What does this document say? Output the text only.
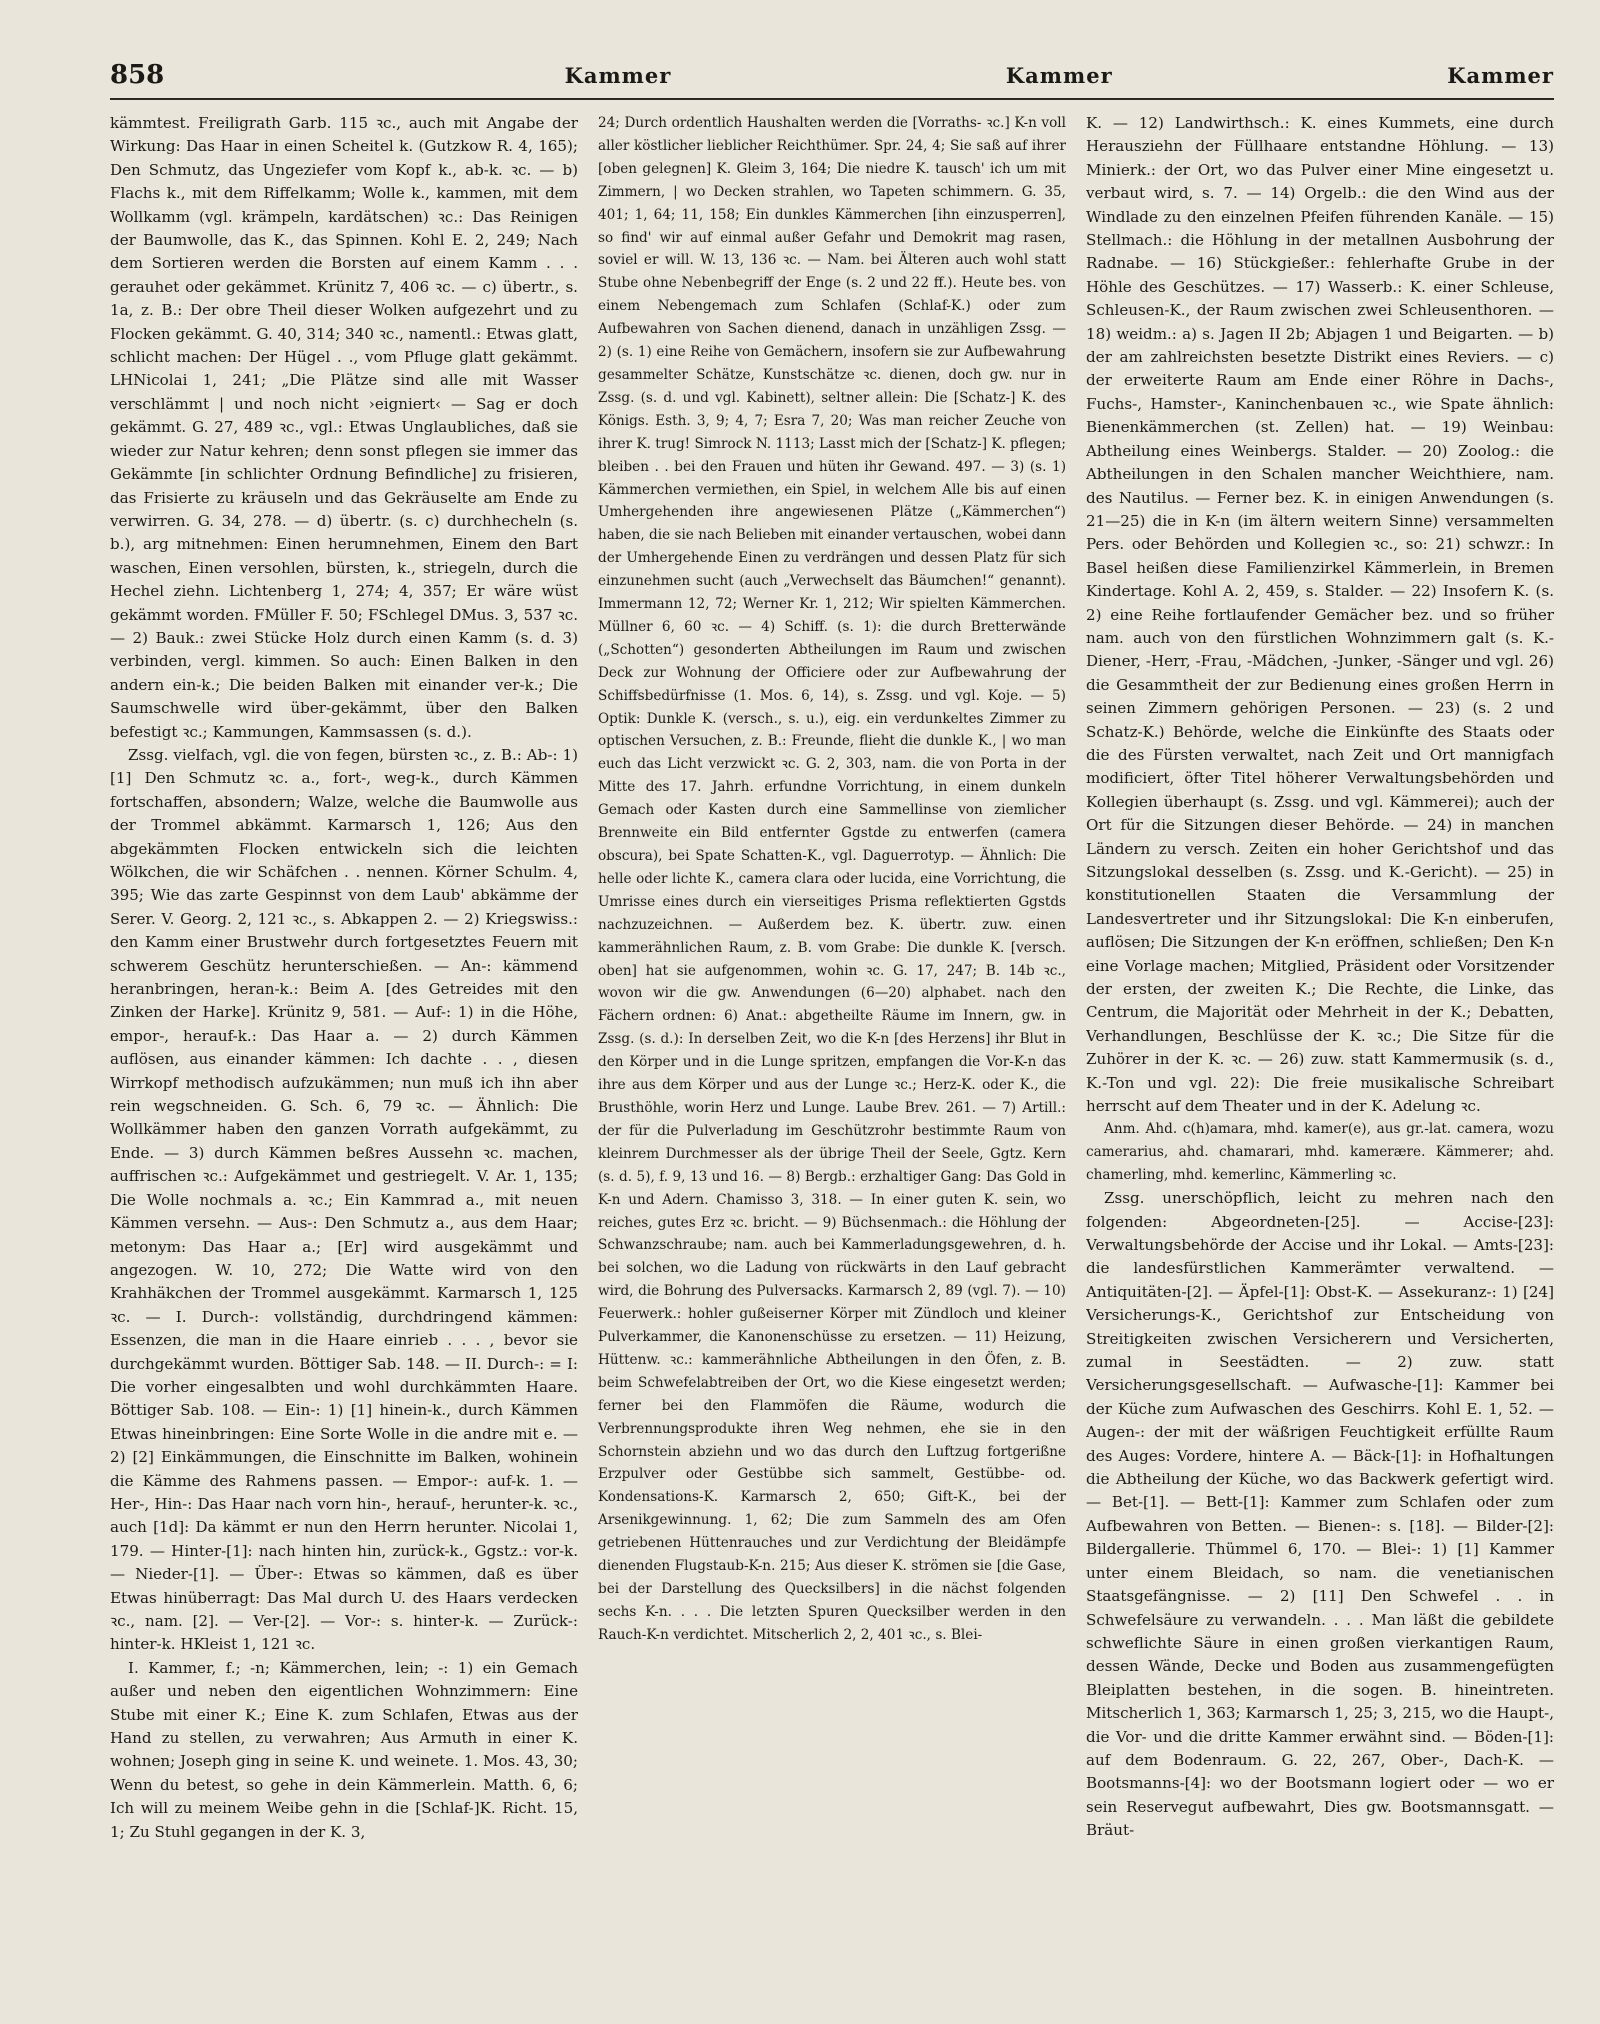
858	Kammer	Kammer	Kammer

kämmtest. Freiligrath Garb. 115 ꝛc., auch mit Angabe der Wirkung: Das Haar in einen Scheitel k. (Gutzkow R. 4, 165); Den Schmutz, das Ungeziefer vom Kopf k., ab-k. ꝛc. — b) Flachs k., mit dem Riffelkamm; Wolle k., kammen, mit dem Wollkamm (vgl. krämpeln, kardätschen) ꝛc.: Das Reinigen der Baumwolle, das K., das Spinnen. Kohl E. 2, 249; Nach dem Sortieren werden die Borsten auf einem Kamm . . . gerauhet oder gekämmet. Krünitz 7, 406 ꝛc. — c) übertr., s. 1a, z. B.: Der obre Theil dieser Wolken aufgezehrt und zu Flocken gekämmt. G. 40, 314; 340 ꝛc., namentl.: Etwas glatt, schlicht machen: Der Hügel . ., vom Pfluge glatt gekämmt. LHNicolai 1, 241; „Die Plätze sind alle mit Wasser verschlämmt | und noch nicht ›eigniert‹ — Sag er doch gekämmt. G. 27, 489 ꝛc., vgl.: Etwas Unglaubliches, daß sie wieder zur Natur kehren; denn sonst pflegen sie immer das Gekämmte [in schlichter Ordnung Befindliche] zu frisieren, das Frisierte zu kräuseln und das Gekräuselte am Ende zu verwirren. G. 34, 278. — d) übertr. (s. c) durchhecheln (s. b.), arg mitnehmen: Einen herumnehmen, Einem den Bart waschen, Einen versohlen, bürsten, k., striegeln, durch die Hechel ziehn. Lichtenberg 1, 274; 4, 357; Er wäre wüst gekämmt worden. FMüller F. 50; FSchlegel DMus. 3, 537 ꝛc. — 2) Bauk.: zwei Stücke Holz durch einen Kamm (s. d. 3) verbinden, vergl. kimmen. So auch: Einen Balken in den andern ein-k.; Die beiden Balken mit einander ver-k.; Die Saumschwelle wird über-gekämmt, über den Balken befestigt ꝛc.; Kammungen, Kammsassen (s. d.).

Zssg. vielfach, vgl. die von fegen, bürsten ꝛc., z. B.: Ab-: 1) [1] Den Schmutz ꝛc. a., fort-, weg-k., durch Kämmen fortschaffen, absondern; Walze, welche die Baumwolle aus der Trommel abkämmt. Karmarsch 1, 126; Aus den abgekämmten Flocken entwickeln sich die leichten Wölkchen, die wir Schäfchen . . nennen. Körner Schulm. 4, 395; Wie das zarte Gespinnst von dem Laub' abkämme der Serer. V. Georg. 2, 121 ꝛc., s. Abkappen 2. — 2) Kriegswiss.: den Kamm einer Brustwehr durch fortgesetztes Feuern mit schwerem Geschütz herunterschießen. — An-: kämmend heranbringen, heran-k.: Beim A. [des Getreides mit den Zinken der Harke]. Krünitz 9, 581. — Auf-: 1) in die Höhe, empor-, herauf-k.: Das Haar a. — 2) durch Kämmen auflösen, aus einander kämmen: Ich dachte . . , diesen Wirrkopf methodisch aufzukämmen; nun muß ich ihn aber rein wegschneiden. G. Sch. 6, 79 ꝛc. — Ähnlich: Die Wollkämmer haben den ganzen Vorrath aufgekämmt, zu Ende. — 3) durch Kämmen beßres Aussehn ꝛc. machen, auffrischen ꝛc.: Aufgekämmet und gestriegelt. V. Ar. 1, 135; Die Wolle nochmals a. ꝛc.; Ein Kammrad a., mit neuen Kämmen versehn. — Aus-: Den Schmutz a., aus dem Haar; metonym: Das Haar a.; [Er] wird ausgekämmt und angezogen. W. 10, 272; Die Watte wird von den Krahhäkchen der Trommel ausgekämmt. Karmarsch 1, 125 ꝛc. — I. Durch-: vollständig, durchdringend kämmen: Essenzen, die man in die Haare einrieb . . . , bevor sie durchgekämmt wurden. Böttiger Sab. 148. — II. Durch-: = I: Die vorher eingesalbten und wohl durchkämmten Haare. Böttiger Sab. 108. — Ein-: 1) [1] hinein-k., durch Kämmen Etwas hineinbringen: Eine Sorte Wolle in die andre mit e. — 2) [2] Einkämmungen, die Einschnitte im Balken, wohinein die Kämme des Rahmens passen. — Empor-: auf-k. 1. — Her-, Hin-: Das Haar nach vorn hin-, herauf-, herunter-k. ꝛc., auch [1d]: Da kämmt er nun den Herrn herunter. Nicolai 1, 179. — Hinter-[1]: nach hinten hin, zurück-k., Ggstz.: vor-k. — Nieder-[1]. — Über-: Etwas so kämmen, daß es über Etwas hinüberragt: Das Mal durch U. des Haars verdecken ꝛc., nam. [2]. — Ver-[2]. — Vor-: s. hinter-k. — Zurück-: hinter-k. HKleist 1, 121 ꝛc.

I. Kammer, f.; -n; Kämmerchen, lein; -: 1) ein Gemach außer und neben den eigentlichen Wohnzimmern: Eine Stube mit einer K.; Eine K. zum Schlafen, Etwas aus der Hand zu stellen, zu verwahren; Aus Armuth in einer K. wohnen; Joseph ging in seine K. und weinete. 1. Mos. 43, 30; Wenn du betest, so gehe in dein Kämmerlein. Matth. 6, 6; Ich will zu meinem Weibe gehn in die [Schlaf-]K. Richt. 15, 1; Zu Stuhl gegangen in der K. 3,

24; Durch ordentlich Haushalten werden die [Vorraths- ꝛc.] K-n voll aller köstlicher lieblicher Reichthümer. Spr. 24, 4; Sie saß auf ihrer [oben gelegnen] K. Gleim 3, 164; Die niedre K. tausch' ich um mit Zimmern, | wo Decken strahlen, wo Tapeten schimmern. G. 35, 401; 1, 64; 11, 158; Ein dunkles Kämmerchen [ihn einzusperren], so find' wir auf einmal außer Gefahr und Demokrit mag rasen, soviel er will. W. 13, 136 ꝛc. — Nam. bei Älteren auch wohl statt Stube ohne Nebenbegriff der Enge (s. 2 und 22 ff.). Heute bes. von einem Nebengemach zum Schlafen (Schlaf-K.) oder zum Aufbewahren von Sachen dienend, danach in unzähligen Zssg. — 2) (s. 1) eine Reihe von Gemächern, insofern sie zur Aufbewahrung gesammelter Schätze, Kunstschätze ꝛc. dienen, doch gw. nur in Zssg. (s. d. und vgl. Kabinett), seltner allein: Die [Schatz-] K. des Königs. Esth. 3, 9; 4, 7; Esra 7, 20; Was man reicher Zeuche von ihrer K. trug! Simrock N. 1113; Lasst mich der [Schatz-] K. pflegen; bleiben . . bei den Frauen und hüten ihr Gewand. 497. — 3) (s. 1) Kämmerchen vermiethen, ein Spiel, in welchem Alle bis auf einen Umhergehenden ihre angewiesenen Plätze („Kämmerchen“) haben, die sie nach Belieben mit einander vertauschen, wobei dann der Umhergehende Einen zu verdrängen und dessen Platz für sich einzunehmen sucht (auch „Verwechselt das Bäumchen!“ genannt). Immermann 12, 72; Werner Kr. 1, 212; Wir spielten Kämmerchen. Müllner 6, 60 ꝛc. — 4) Schiff. (s. 1): die durch Bretterwände („Schotten“) gesonderten Abtheilungen im Raum und zwischen Deck zur Wohnung der Officiere oder zur Aufbewahrung der Schiffsbedürfnisse (1. Mos. 6, 14), s. Zssg. und vgl. Koje. — 5) Optik: Dunkle K. (versch., s. u.), eig. ein verdunkeltes Zimmer zu optischen Versuchen, z. B.: Freunde, flieht die dunkle K., | wo man euch das Licht verzwickt ꝛc. G. 2, 303, nam. die von Porta in der Mitte des 17. Jahrh. erfundne Vorrichtung, in einem dunkeln Gemach oder Kasten durch eine Sammellinse von ziemlicher Brennweite ein Bild entfernter Ggstde zu entwerfen (camera obscura), bei Spate Schatten-K., vgl. Daguerrotyp. — Ähnlich: Die helle oder lichte K., camera clara oder lucida, eine Vorrichtung, die Umrisse eines durch ein vierseitiges Prisma reflektierten Ggstds nachzuzeichnen. — Außerdem bez. K. übertr. zuw. einen kammerähnlichen Raum, z. B. vom Grabe: Die dunkle K. [versch. oben] hat sie aufgenommen, wohin ꝛc. G. 17, 247; B. 14b ꝛc., wovon wir die gw. Anwendungen (6—20) alphabet. nach den Fächern ordnen: 6) Anat.: abgetheilte Räume im Innern, gw. in Zssg. (s. d.): In derselben Zeit, wo die K-n [des Herzens] ihr Blut in den Körper und in die Lunge spritzen, empfangen die Vor-K-n das ihre aus dem Körper und aus der Lunge ꝛc.; Herz-K. oder K., die Brusthöhle, worin Herz und Lunge. Laube Brev. 261. — 7) Artill.: der für die Pulverladung im Geschützrohr bestimmte Raum von kleinrem Durchmesser als der übrige Theil der Seele, Ggtz. Kern (s. d. 5), f. 9, 13 und 16. — 8) Bergb.: erzhaltiger Gang: Das Gold in K-n und Adern. Chamisso 3, 318. — In einer guten K. sein, wo reiches, gutes Erz ꝛc. bricht. — 9) Büchsenmach.: die Höhlung der Schwanzschraube; nam. auch bei Kammerladungsgewehren, d. h. bei solchen, wo die Ladung von rückwärts in den Lauf gebracht wird, die Bohrung des Pulversacks. Karmarsch 2, 89 (vgl. 7). — 10) Feuerwerk.: hohler gußeiserner Körper mit Zündloch und kleiner Pulverkammer, die Kanonenschüsse zu ersetzen. — 11) Heizung, Hüttenw. ꝛc.: kammerähnliche Abtheilungen in den Öfen, z. B. beim Schwefelabtreiben der Ort, wo die Kiese eingesetzt werden; ferner bei den Flammöfen die Räume, wodurch die Verbrennungsprodukte ihren Weg nehmen, ehe sie in den Schornstein abziehn und wo das durch den Luftzug fortgerißne Erzpulver oder Gestübbe sich sammelt, Gestübbe- od. Kondensations-K. Karmarsch 2, 650; Gift-K., bei der Arsenikgewinnung. 1, 62; Die zum Sammeln des am Ofen getriebenen Hüttenrauches und zur Verdichtung der Bleidämpfe dienenden Flugstaub-K-n. 215; Aus dieser K. strömen sie [die Gase, bei der Darstellung des Quecksilbers] in die nächst folgenden sechs K-n. . . . Die letzten Spuren Quecksilber werden in den Rauch-K-n verdichtet. Mitscherlich 2, 2, 401 ꝛc., s. Blei-

K. — 12) Landwirthsch.: K. eines Kummets, eine durch Herausziehn der Füllhaare entstandne Höhlung. — 13) Minierk.: der Ort, wo das Pulver einer Mine eingesetzt u. verbaut wird, s. 7. — 14) Orgelb.: die den Wind aus der Windlade zu den einzelnen Pfeifen führenden Kanäle. — 15) Stellmach.: die Höhlung in der metallnen Ausbohrung der Radnabe. — 16) Stückgießer.: fehlerhafte Grube in der Höhle des Geschützes. — 17) Wasserb.: K. einer Schleuse, Schleusen-K., der Raum zwischen zwei Schleusenthoren. — 18) weidm.: a) s. Jagen II 2b; Abjagen 1 und Beigarten. — b) der am zahlreichsten besetzte Distrikt eines Reviers. — c) der erweiterte Raum am Ende einer Röhre in Dachs-, Fuchs-, Hamster-, Kaninchenbauen ꝛc., wie Spate ähnlich: Bienenkämmerchen (st. Zellen) hat. — 19) Weinbau: Abtheilung eines Weinbergs. Stalder. — 20) Zoolog.: die Abtheilungen in den Schalen mancher Weichthiere, nam. des Nautilus. — Ferner bez. K. in einigen Anwendungen (s. 21—25) die in K-n (im ältern weitern Sinne) versammelten Pers. oder Behörden und Kollegien ꝛc., so: 21) schwzr.: In Basel heißen diese Familienzirkel Kämmerlein, in Bremen Kindertage. Kohl A. 2, 459, s. Stalder. — 22) Insofern K. (s. 2) eine Reihe fortlaufender Gemächer bez. und so früher nam. auch von den fürstlichen Wohnzimmern galt (s. K.-Diener, -Herr, -Frau, -Mädchen, -Junker, -Sänger und vgl. 26) die Gesammtheit der zur Bedienung eines großen Herrn in seinen Zimmern gehörigen Personen. — 23) (s. 2 und Schatz-K.) Behörde, welche die Einkünfte des Staats oder die des Fürsten verwaltet, nach Zeit und Ort mannigfach modificiert, öfter Titel höherer Verwaltungsbehörden und Kollegien überhaupt (s. Zssg. und vgl. Kämmerei); auch der Ort für die Sitzungen dieser Behörde. — 24) in manchen Ländern zu versch. Zeiten ein hoher Gerichtshof und das Sitzungslokal desselben (s. Zssg. und K.-Gericht). — 25) in konstitutionellen Staaten die Versammlung der Landesvertreter und ihr Sitzungslokal: Die K-n einberufen, auflösen; Die Sitzungen der K-n eröffnen, schließen; Den K-n eine Vorlage machen; Mitglied, Präsident oder Vorsitzender der ersten, der zweiten K.; Die Rechte, die Linke, das Centrum, die Majorität oder Mehrheit in der K.; Debatten, Verhandlungen, Beschlüsse der K. ꝛc.; Die Sitze für die Zuhörer in der K. ꝛc. — 26) zuw. statt Kammermusik (s. d., K.-Ton und vgl. 22): Die freie musikalische Schreibart herrscht auf dem Theater und in der K. Adelung ꝛc.

Anm. Ahd. c(h)amara, mhd. kamer(e), aus gr.-lat. camera, wozu camerarius, ahd. chamarari, mhd. kamerære. Kämmerer; ahd. chamerling, mhd. kemerlinc, Kämmerling ꝛc.

Zssg. unerschöpflich, leicht zu mehren nach den folgenden: Abgeordneten-[25]. — Accise-[23]: Verwaltungsbehörde der Accise und ihr Lokal. — Amts-[23]: die landesfürstlichen Kammerämter verwaltend. — Antiquitäten-[2]. — Äpfel-[1]: Obst-K. — Assekuranz-: 1) [24] Versicherungs-K., Gerichtshof zur Entscheidung von Streitigkeiten zwischen Versicherern und Versicherten, zumal in Seestädten. — 2) zuw. statt Versicherungsgesellschaft. — Aufwasche-[1]: Kammer bei der Küche zum Aufwaschen des Geschirrs. Kohl E. 1, 52. — Augen-: der mit der wäßrigen Feuchtigkeit erfüllte Raum des Auges: Vordere, hintere A. — Bäck-[1]: in Hofhaltungen die Abtheilung der Küche, wo das Backwerk gefertigt wird. — Bet-[1]. — Bett-[1]: Kammer zum Schlafen oder zum Aufbewahren von Betten. — Bienen-: s. [18]. — Bilder-[2]: Bildergallerie. Thümmel 6, 170. — Blei-: 1) [1] Kammer unter einem Bleidach, so nam. die venetianischen Staatsgefängnisse. — 2) [11] Den Schwefel . . in Schwefelsäure zu verwandeln. . . . Man läßt die gebildete schweflichte Säure in einen großen vierkantigen Raum, dessen Wände, Decke und Boden aus zusammengefügten Bleiplatten bestehen, in die sogen. B. hineintreten. Mitscherlich 1, 363; Karmarsch 1, 25; 3, 215, wo die Haupt-, die Vor- und die dritte Kammer erwähnt sind. — Böden-[1]: auf dem Bodenraum. G. 22, 267, Ober-, Dach-K. — Bootsmanns-[4]: wo der Bootsmann logiert oder — wo er sein Reservegut aufbewahrt, Dies gw. Bootsmannsgatt. — Bräut-
